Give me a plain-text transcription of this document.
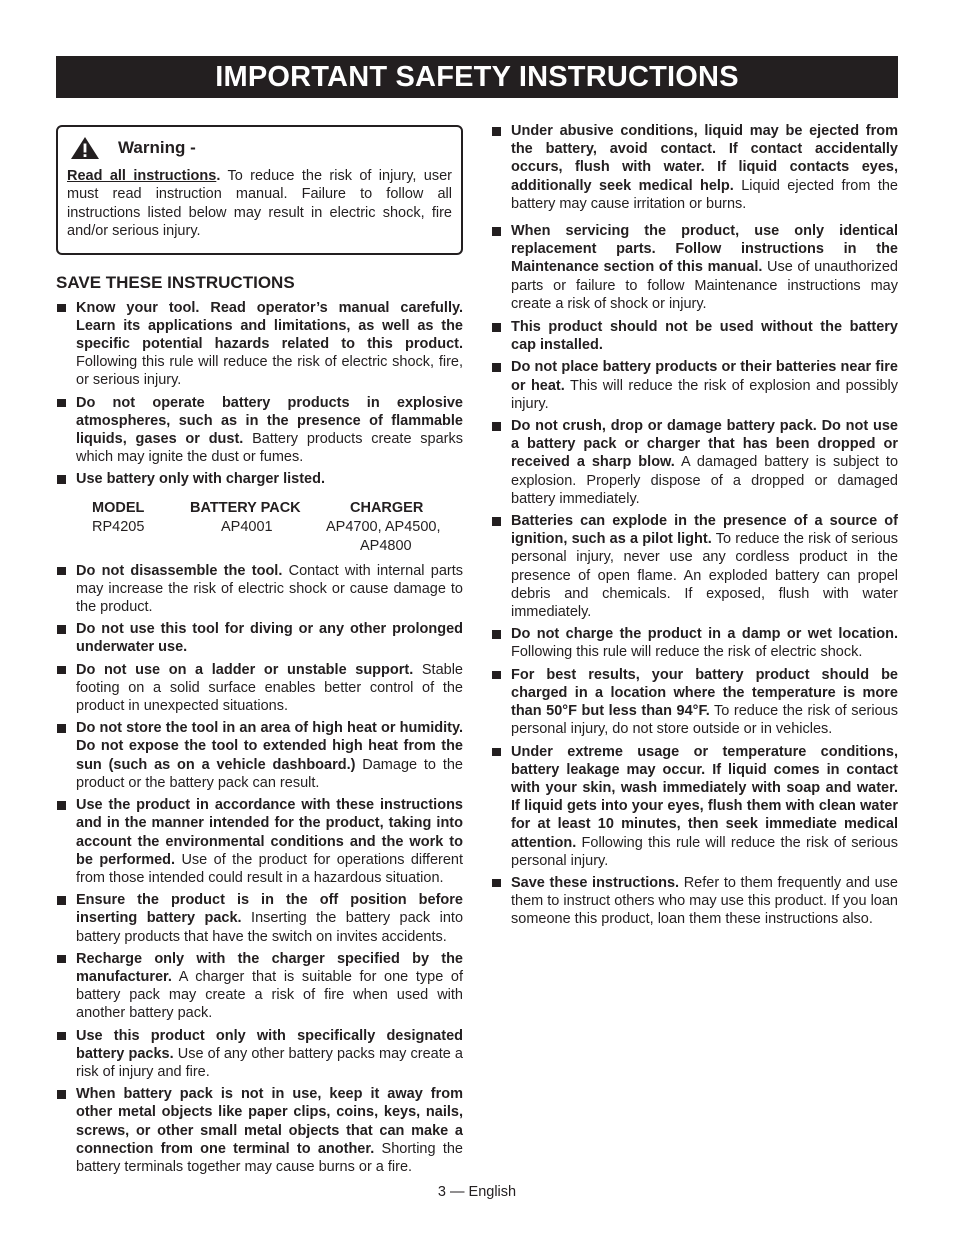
IMPORTANT SAFETY INSTRUCTIONS
Warning -
Read all instructions. To reduce the risk of injury, user must read instruction manual. Failure to follow all instructions listed below may result in electric shock, fire and/or serious injury.
SAVE THESE INSTRUCTIONS
Know your tool. Read operator’s manual carefully. Learn its applications and limitations, as well as the specific potential hazards related to this product. Following this rule will reduce the risk of electric shock, fire, or serious injury.
Do not operate battery products in explosive atmospheres, such as in the presence of flammable liquids, gases or dust. Battery products create sparks which may ignite the dust or fumes.
Use battery only with charger listed.
MODEL	BATTERY PACK	CHARGER
RP4205	AP4001	AP4700, AP4500,
AP4800
Do not disassemble the tool. Contact with internal parts may increase the risk of electric shock or cause damage to the product.
Do not use this tool for diving or any other prolonged underwater use.
Do not use on a ladder or unstable support. Stable footing on a solid surface enables better control of the product in unexpected situations.
Do not store the tool in an area of high heat or humidity. Do not expose the tool to extended high heat from the sun (such as on a vehicle dashboard.) Damage to the product or the battery pack can result.
Use the product in accordance with these instructions and in the manner intended for the product, taking into account the environmental conditions and the work to be performed. Use of the product for operations different from those intended could result in a hazardous situation.
Ensure the product is in the off position before inserting battery pack. Inserting the battery pack into battery products that have the switch on invites accidents.
Recharge only with the charger specified by the manufacturer. A charger that is suitable for one type of battery pack may create a risk of fire when used with another battery pack.
Use this product only with specifically designated battery packs. Use of any other battery packs may create a risk of injury and fire.
When battery pack is not in use, keep it away from other metal objects like paper clips, coins, keys, nails, screws, or other small metal objects that can make a connection from one terminal to another. Shorting the battery terminals together may cause burns or a fire.
Under abusive conditions, liquid may be ejected from the battery, avoid contact. If contact accidentally occurs, flush with water. If liquid contacts eyes, additionally seek medical help. Liquid ejected from the battery may cause irritation or burns.
When servicing the product, use only identical replacement parts. Follow instructions in the Maintenance section of this manual. Use of unauthorized parts or failure to follow Maintenance instructions may create a risk of shock or injury.
This product should not be used without the battery cap installed.
Do not place battery products or their batteries near fire or heat. This will reduce the risk of explosion and possibly injury.
Do not crush, drop or damage battery pack. Do not use a battery pack or charger that has been dropped or received a sharp blow. A damaged battery is subject to explosion. Properly dispose of a dropped or damaged battery immediately.
Batteries can explode in the presence of a source of ignition, such as a pilot light. To reduce the risk of serious personal injury, never use any cordless product in the presence of open flame. An exploded battery can propel debris and chemicals. If exposed, flush with water immediately.
Do not charge the product in a damp or wet location. Following this rule will reduce the risk of electric shock.
For best results, your battery product should be charged in a location where the temperature is more than 50°F but less than 94°F. To reduce the risk of serious personal injury, do not store outside or in vehicles.
Under extreme usage or temperature conditions, battery leakage may occur. If liquid comes in contact with your skin, wash immediately with soap and water. If liquid gets into your eyes, flush them with clean water for at least 10 minutes, then seek immediate medical attention. Following this rule will reduce the risk of serious personal injury.
Save these instructions. Refer to them frequently and use them to instruct others who may use this product. If you loan someone this product, loan them these instructions also.
3 — English
